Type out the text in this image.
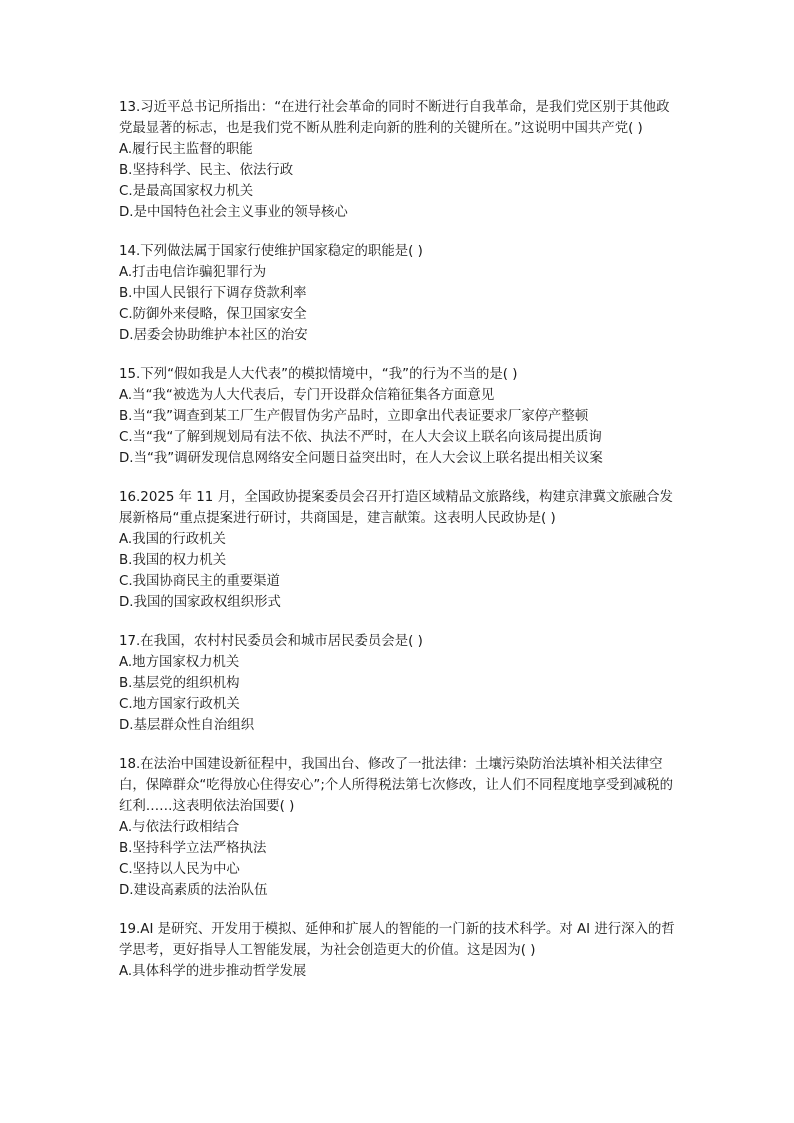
13.习近平总书记所指出：“在进行社会革命的同时不断进行自我革命，是我们党区别于其他政党最显著的标志，也是我们党不断从胜利走向新的胜利的关键所在。”这说明中国共产党( )

A.履行民主监督的职能

B.坚持科学、民主、依法行政

C.是最高国家权力机关

D.是中国特色社会主义事业的领导核心

14.下列做法属于国家行使维护国家稳定的职能是( )

A.打击电信诈骗犯罪行为

B.中国人民银行下调存贷款利率

C.防御外来侵略，保卫国家安全

D.居委会协助维护本社区的治安

15.下列“假如我是人大代表”的模拟情境中，“我”的行为不当的是( )

A.当“我“被选为人大代表后，专门开设群众信箱征集各方面意见

B.当“我”调查到某工厂生产假冒伪劣产品时，立即拿出代表证要求厂家停产整顿

C.当“我“了解到规划局有法不依、执法不严时，在人大会议上联名向该局提出质询

D.当“我”调研发现信息网络安全问题日益突出时，在人大会议上联名提出相关议案

16.2025 年 11 月，全国政协提案委员会召开打造区域精品文旅路线，构建京津冀文旅融合发展新格局“重点提案进行研讨，共商国是，建言献策。这表明人民政协是( )

A.我国的行政机关

B.我国的权力机关

C.我国协商民主的重要渠道

D.我国的国家政权组织形式

17.在我国，农村村民委员会和城市居民委员会是( )

A.地方国家权力机关

B.基层党的组织机构

C.地方国家行政机关

D.基层群众性自治组织

18.在法治中国建设新征程中，我国出台、修改了一批法律：土壤污染防治法填补相关法律空白，保障群众“吃得放心住得安心”;个人所得税法第七次修改，让人们不同程度地享受到减税的红利……这表明依法治国要( )

A.与依法行政相结合

B.坚持科学立法严格执法

C.坚持以人民为中心

D.建设高素质的法治队伍

19.AI 是研究、开发用于模拟、延伸和扩展人的智能的一门新的技术科学。对 AI 进行深入的哲学思考，更好指导人工智能发展，为社会创造更大的价值。这是因为( )

A.具体科学的进步推动哲学发展
